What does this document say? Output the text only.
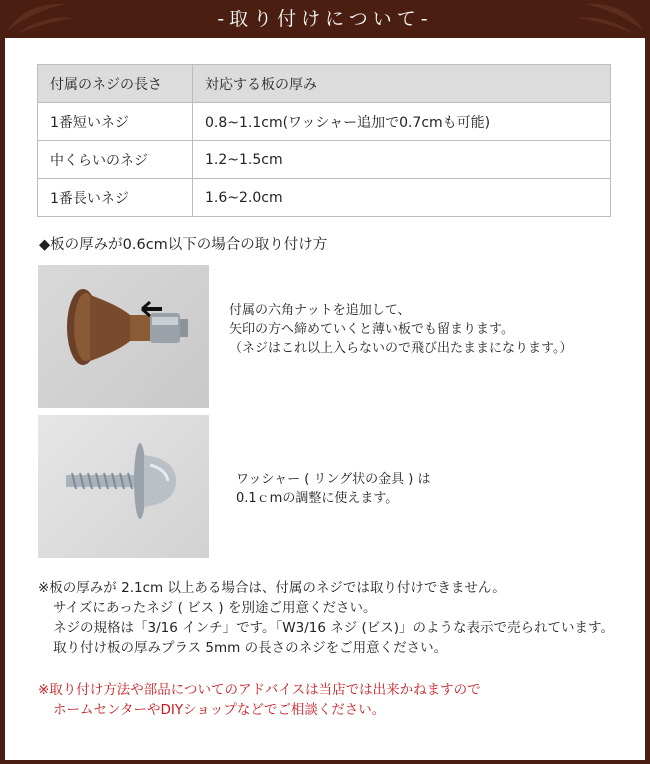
-取り付けについて-
付属のネジの長さ	対応する板の厚み
1番短いネジ	0.8~1.1cm(ワッシャー追加で0.7cmも可能)
中くらいのネジ	1.2~1.5cm
1番長いネジ	1.6~2.0cm
◆板の厚みが0.6cm以下の場合の取り付け方
付属の六角ナットを追加して、
矢印の方へ締めていくと薄い板でも留まります。
（ネジはこれ以上入らないので飛び出たままになります。）
ワッシャー ( リング状の金具 ) は
0.1ｃmの調整に使えます。
※板の厚みが 2.1cm 以上ある場合は、付属のネジでは取り付けできません。
サイズにあったネジ ( ビス ) を別途ご用意ください。
ネジの規格は「3/16 インチ」です。「W3/16 ネジ (ビス)」のような表示で売られています。
取り付け板の厚みプラス 5mm の長さのネジをご用意ください。
※取り付け方法や部品についてのアドバイスは当店では出来かねますので
ホームセンターやDIYショップなどでご相談ください。
